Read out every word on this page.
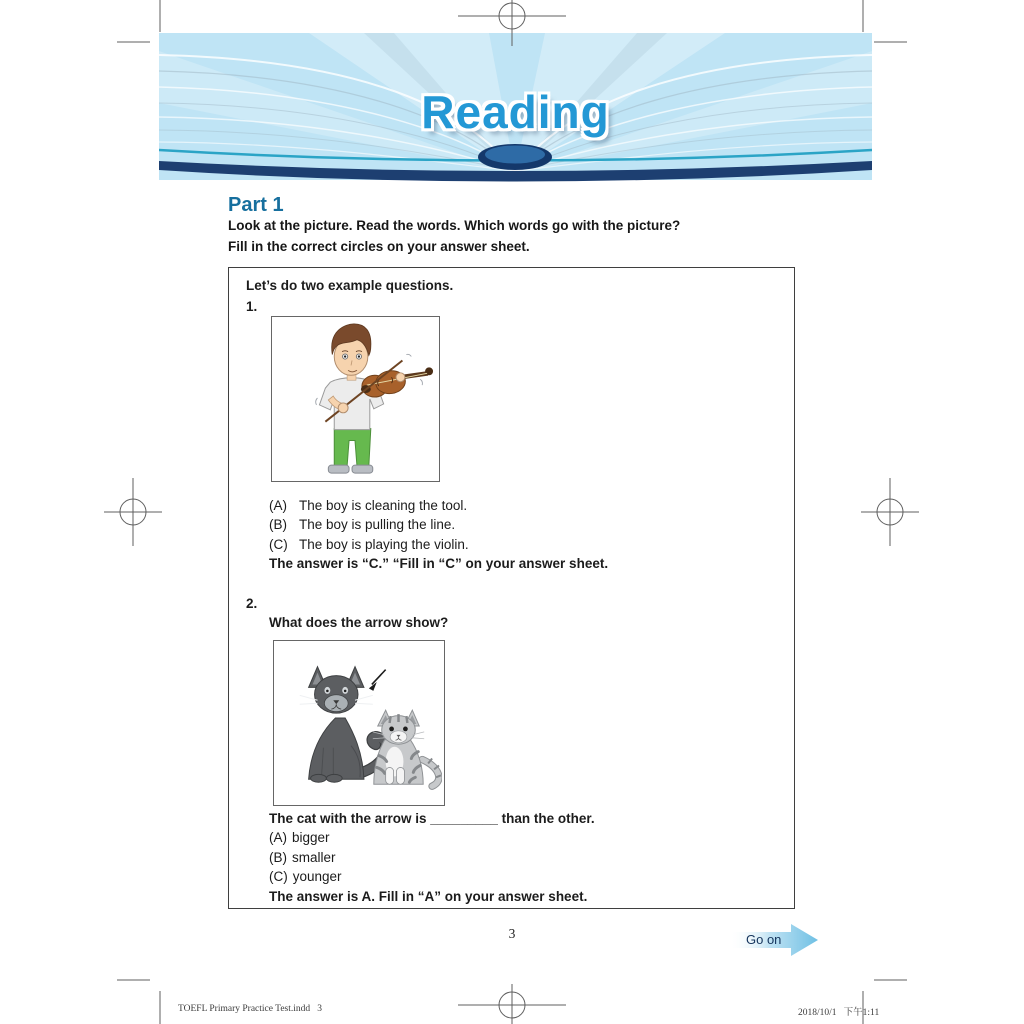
Reading
Part 1
Look at the picture. Read the words. Which words go with the picture?
Fill in the correct circles on your answer sheet.
Let’s do two example questions.
1.
(A) The boy is cleaning the tool.
(B) The boy is pulling the line.
(C) The boy is playing the violin.
The answer is “C.” “Fill in “C” on your answer sheet.
2.
What does the arrow show?
The cat with the arrow is _________ than the other.
(A) bigger
(B) smaller
(C) younger
The answer is A. Fill in “A” on your answer sheet.
3	Go on
TOEFL Primary Practice Test.indd   3	2018/10/1   下午1:11
